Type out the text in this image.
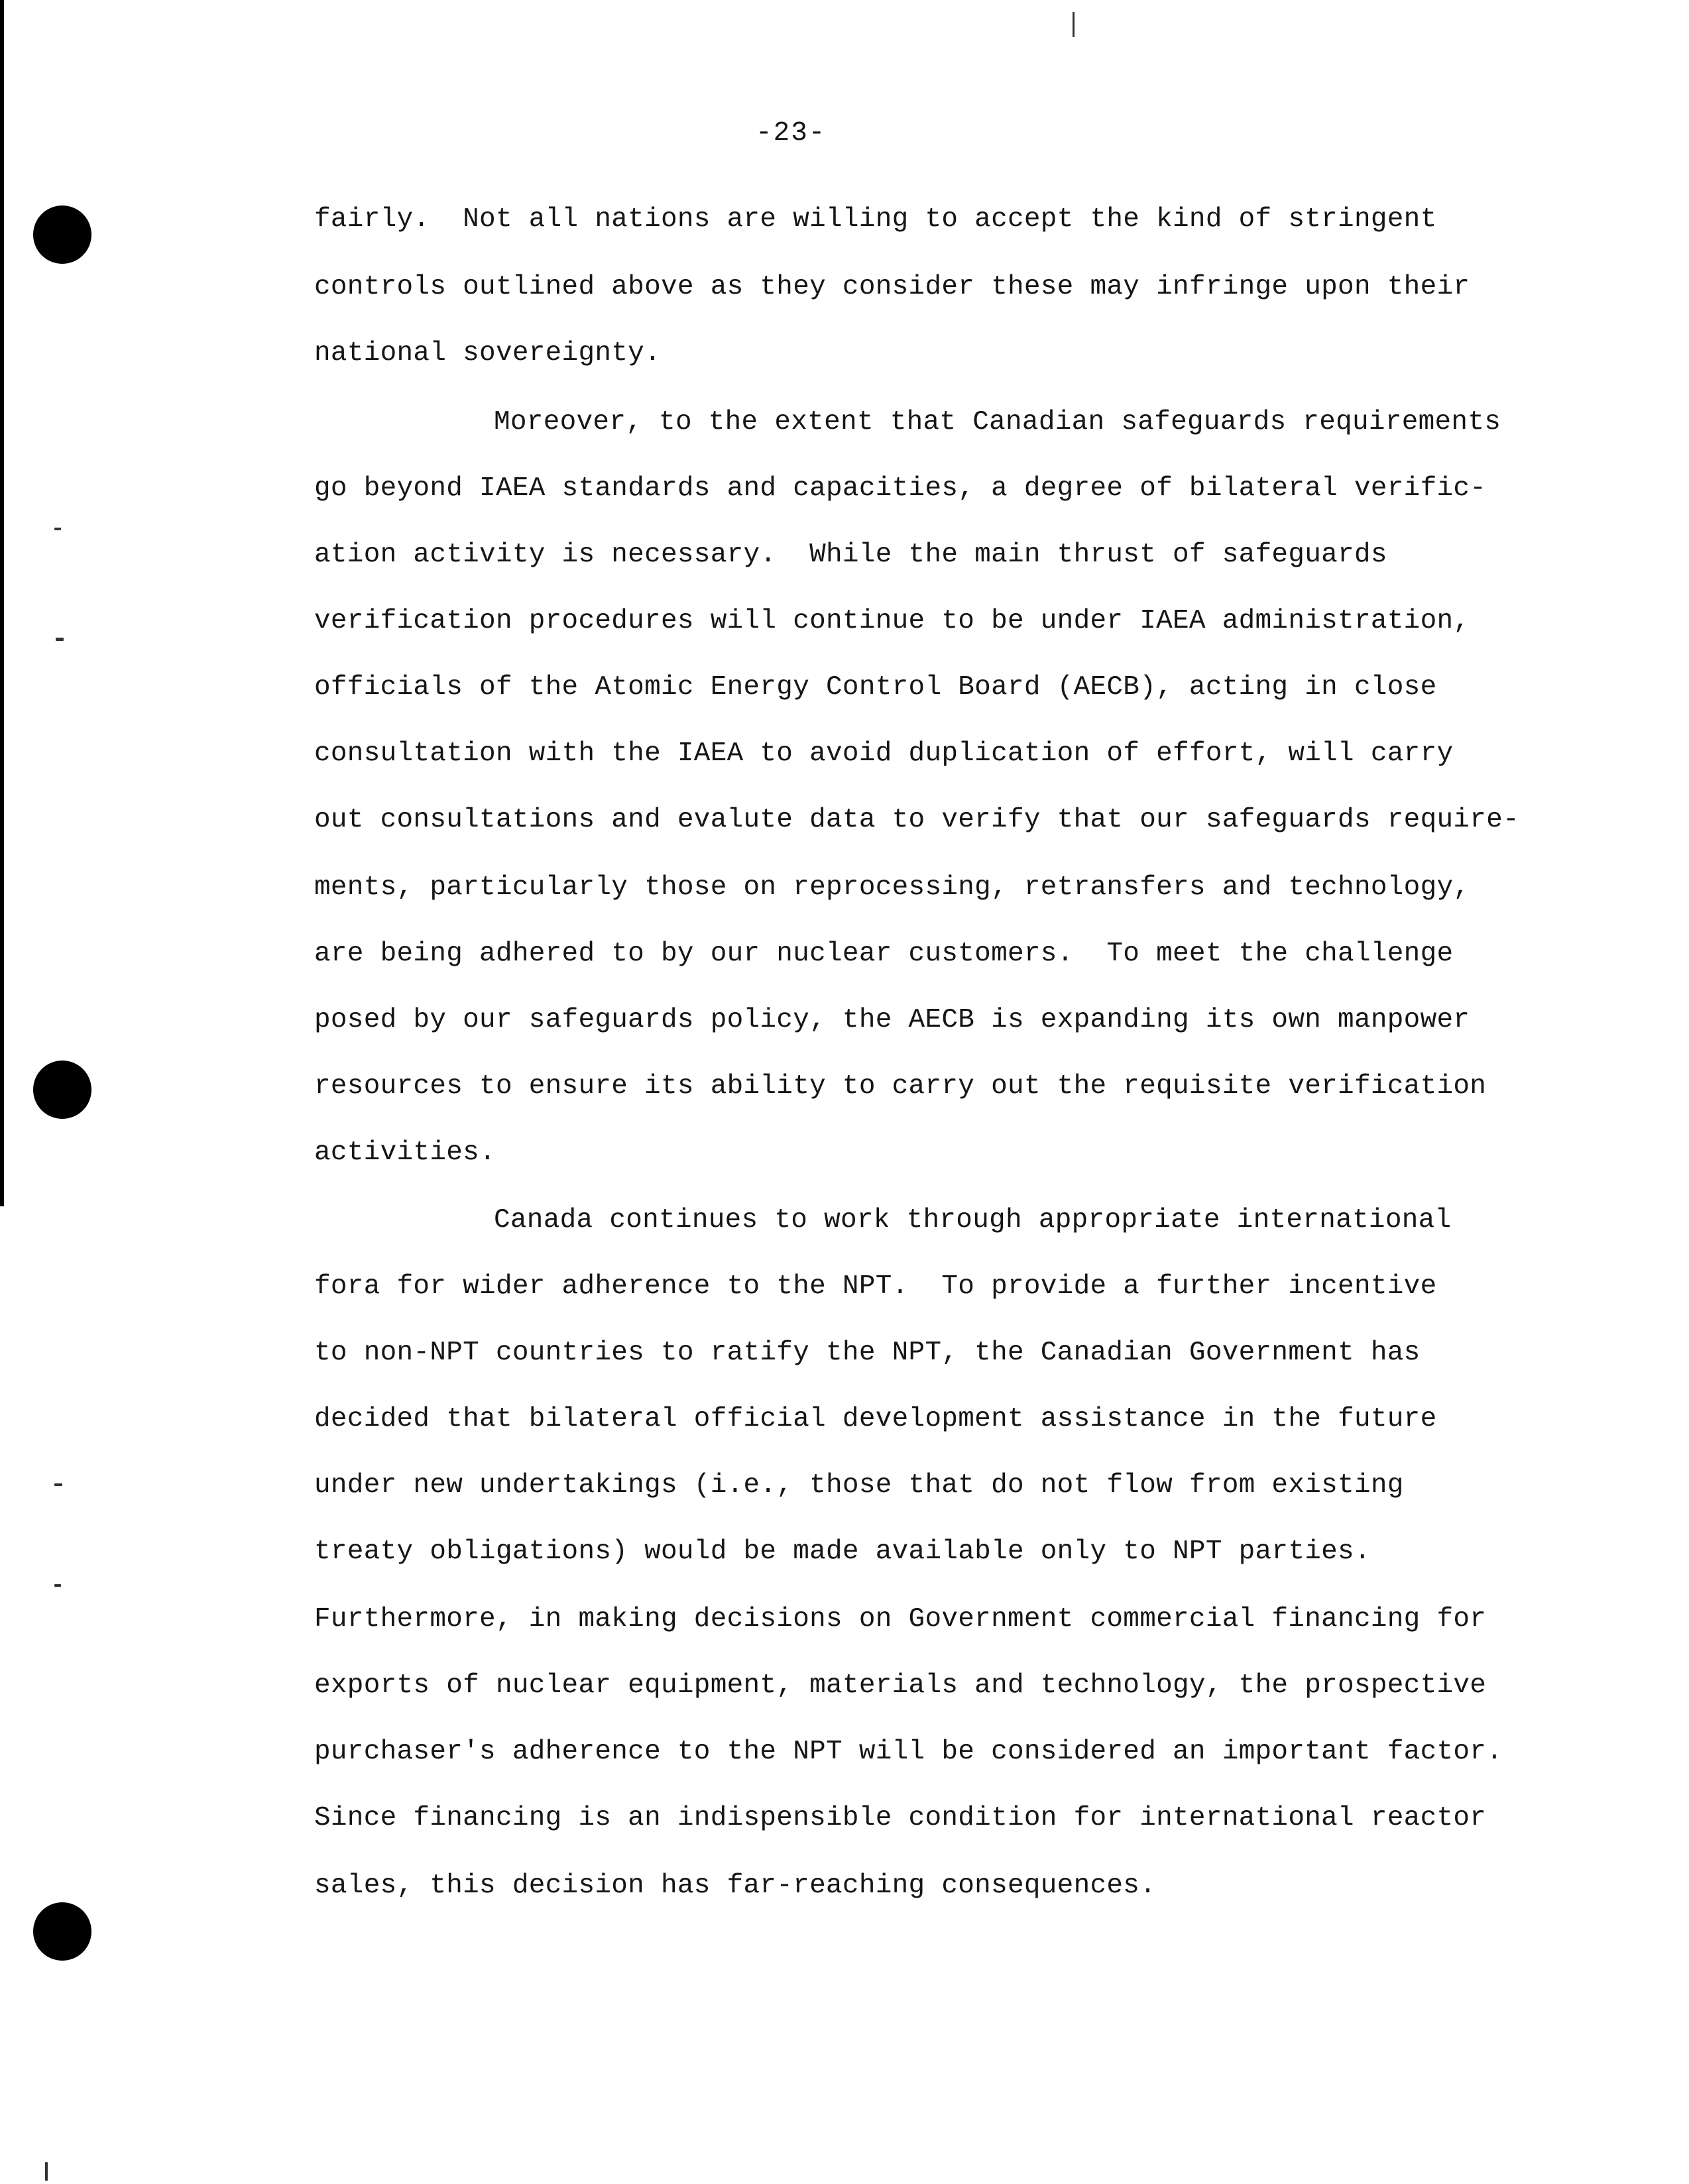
-23-
fairly.  Not all nations are willing to accept the kind of stringent
controls outlined above as they consider these may infringe upon their
national sovereignty.
Moreover, to the extent that Canadian safeguards requirements
go beyond IAEA standards and capacities, a degree of bilateral verific-
ation activity is necessary.  While the main thrust of safeguards
verification procedures will continue to be under IAEA administration,
officials of the Atomic Energy Control Board (AECB), acting in close
consultation with the IAEA to avoid duplication of effort, will carry
out consultations and evalute data to verify that our safeguards require-
ments, particularly those on reprocessing, retransfers and technology,
are being adhered to by our nuclear customers.  To meet the challenge
posed by our safeguards policy, the AECB is expanding its own manpower
resources to ensure its ability to carry out the requisite verification
activities.
Canada continues to work through appropriate international
fora for wider adherence to the NPT.  To provide a further incentive
to non-NPT countries to ratify the NPT, the Canadian Government has
decided that bilateral official development assistance in the future
under new undertakings (i.e., those that do not flow from existing
treaty obligations) would be made available only to NPT parties.
Furthermore, in making decisions on Government commercial financing for
exports of nuclear equipment, materials and technology, the prospective
purchaser's adherence to the NPT will be considered an important factor.
Since financing is an indispensible condition for international reactor
sales, this decision has far-reaching consequences.
